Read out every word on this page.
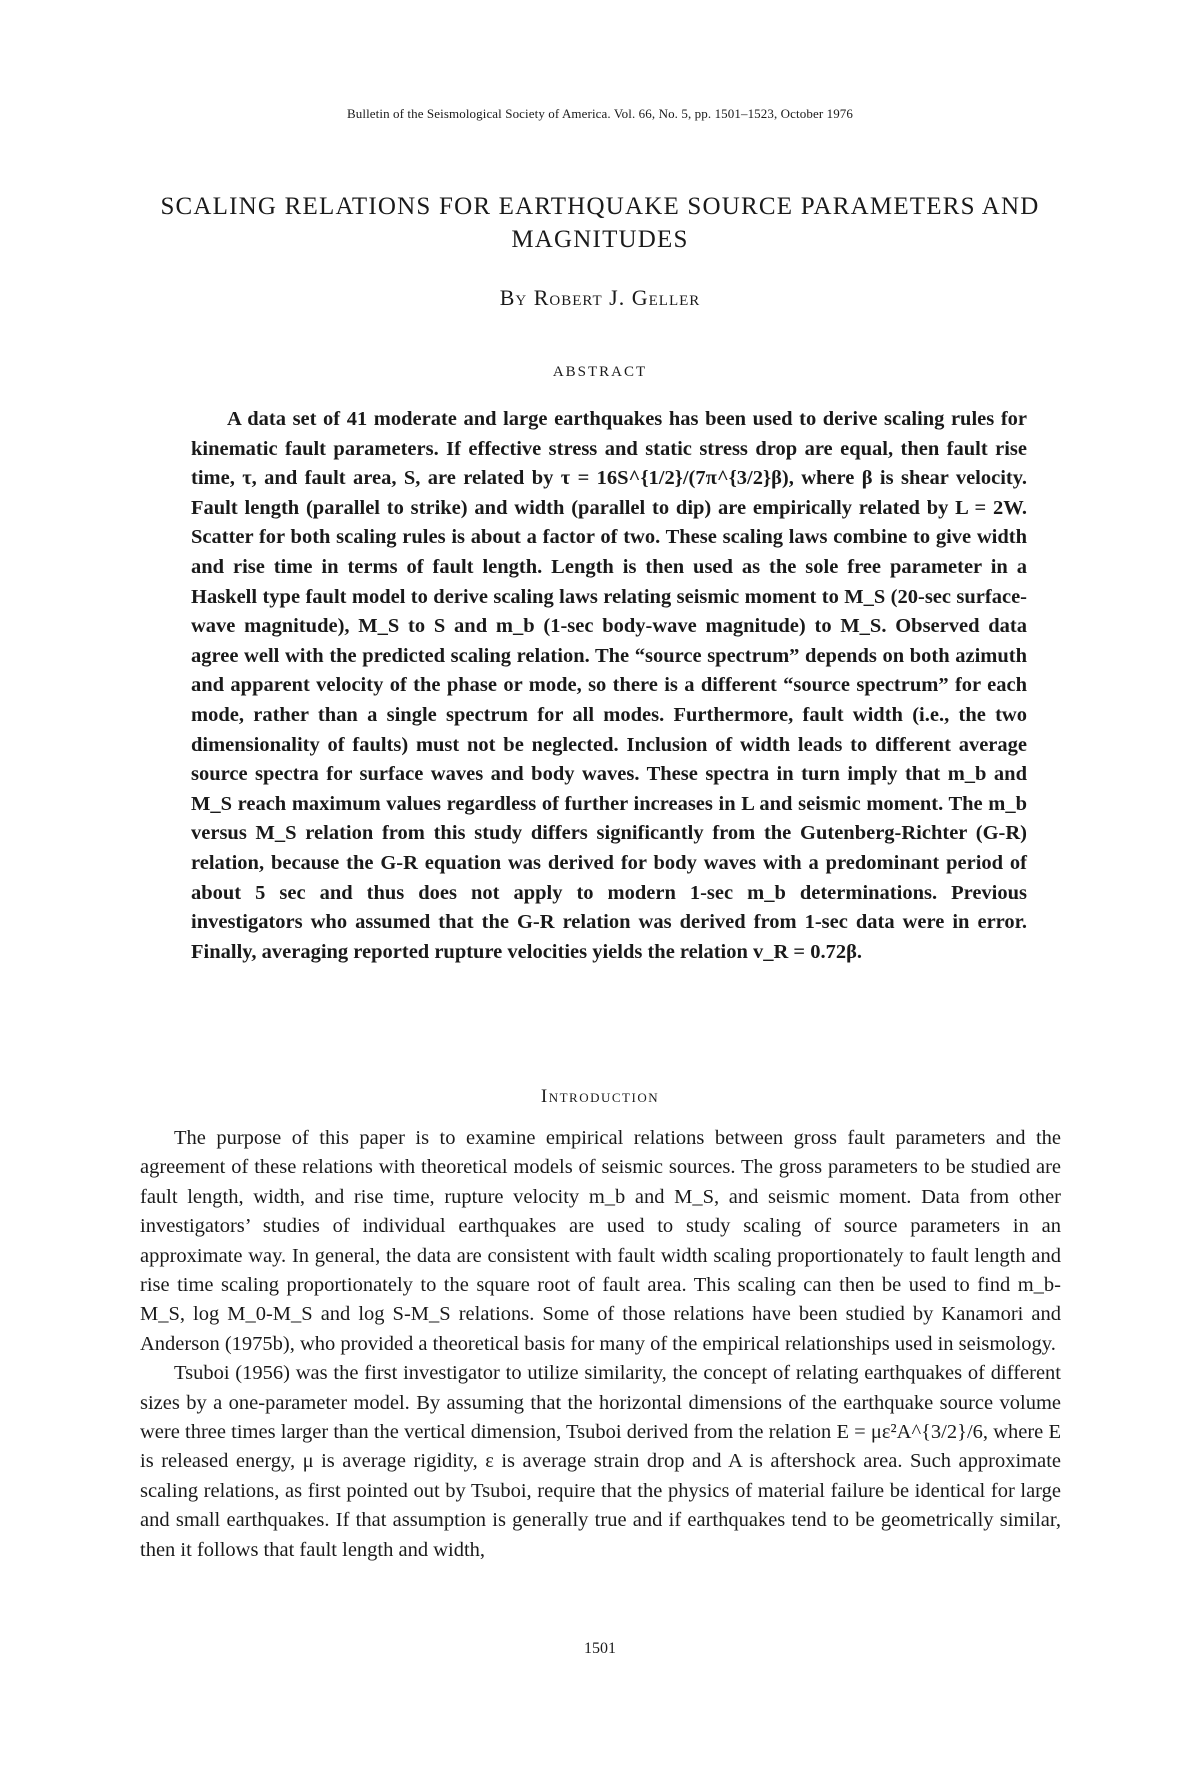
Bulletin of the Seismological Society of America. Vol. 66, No. 5, pp. 1501–1523, October 1976
SCALING RELATIONS FOR EARTHQUAKE SOURCE PARAMETERS AND MAGNITUDES
By Robert J. Geller
ABSTRACT

A data set of 41 moderate and large earthquakes has been used to derive scaling rules for kinematic fault parameters. If effective stress and static stress drop are equal, then fault rise time, τ, and fault area, S, are related by τ = 16S^{1/2}/(7π^{3/2}β), where β is shear velocity. Fault length (parallel to strike) and width (parallel to dip) are empirically related by L = 2W. Scatter for both scaling rules is about a factor of two. These scaling laws combine to give width and rise time in terms of fault length. Length is then used as the sole free parameter in a Haskell type fault model to derive scaling laws relating seismic moment to M_S (20-sec surface-wave magnitude), M_S to S and m_b (1-sec body-wave magnitude) to M_S. Observed data agree well with the predicted scaling relation. The “source spectrum” depends on both azimuth and apparent velocity of the phase or mode, so there is a different “source spectrum” for each mode, rather than a single spectrum for all modes. Furthermore, fault width (i.e., the two dimensionality of faults) must not be neglected. Inclusion of width leads to different average source spectra for surface waves and body waves. These spectra in turn imply that m_b and M_S reach maximum values regardless of further increases in L and seismic moment. The m_b versus M_S relation from this study differs significantly from the Gutenberg-Richter (G-R) relation, because the G-R equation was derived for body waves with a predominant period of about 5 sec and thus does not apply to modern 1-sec m_b determinations. Previous investigators who assumed that the G-R relation was derived from 1-sec data were in error. Finally, averaging reported rupture velocities yields the relation v_R = 0.72β.

Introduction

The purpose of this paper is to examine empirical relations between gross fault parameters and the agreement of these relations with theoretical models of seismic sources. The gross parameters to be studied are fault length, width, and rise time, rupture velocity m_b and M_S, and seismic moment. Data from other investigators’ studies of individual earthquakes are used to study scaling of source parameters in an approximate way. In general, the data are consistent with fault width scaling proportionately to fault length and rise time scaling proportionately to the square root of fault area. This scaling can then be used to find m_b-M_S, log M_0-M_S and log S-M_S relations. Some of those relations have been studied by Kanamori and Anderson (1975b), who provided a theoretical basis for many of the empirical relationships used in seismology.

Tsuboi (1956) was the first investigator to utilize similarity, the concept of relating earthquakes of different sizes by a one-parameter model. By assuming that the horizontal dimensions of the earthquake source volume were three times larger than the vertical dimension, Tsuboi derived from the relation E = με²A^{3/2}/6, where E is released energy, μ is average rigidity, ε is average strain drop and A is aftershock area. Such approximate scaling relations, as first pointed out by Tsuboi, require that the physics of material failure be identical for large and small earthquakes. If that assumption is generally true and if earthquakes tend to be geometrically similar, then it follows that fault length and width,

1501
